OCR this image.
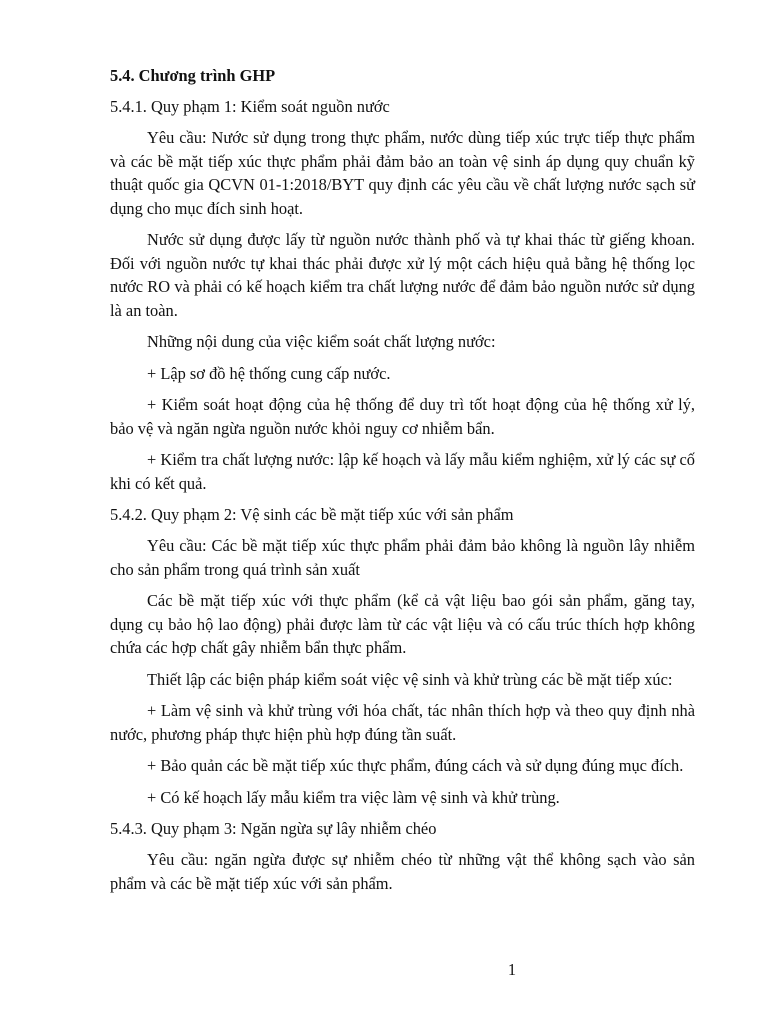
5.4. Chương trình GHP

5.4.1. Quy phạm 1: Kiểm soát nguồn nước

Yêu cầu: Nước sử dụng trong thực phẩm, nước dùng tiếp xúc trực tiếp thực phẩm và các bề mặt tiếp xúc thực phẩm phải đảm bảo an toàn vệ sinh áp dụng quy chuẩn kỹ thuật quốc gia QCVN 01-1:2018/BYT quy định các yêu cầu về chất lượng nước sạch sử dụng cho mục đích sinh hoạt.

Nước sử dụng được lấy từ nguồn nước thành phố và tự khai thác từ giếng khoan. Đối với nguồn nước tự khai thác phải được xử lý một cách hiệu quả bằng hệ thống lọc nước RO và phải có kế hoạch kiểm tra chất lượng nước để đảm bảo nguồn nước sử dụng là an toàn.

Những nội dung của việc kiểm soát chất lượng nước:

+ Lập sơ đồ hệ thống cung cấp nước.

+ Kiểm soát hoạt động của hệ thống để duy trì tốt hoạt động của hệ thống xử lý, bảo vệ và ngăn ngừa nguồn nước khỏi nguy cơ nhiễm bẩn.

+ Kiểm tra chất lượng nước: lập kế hoạch và lấy mẫu kiểm nghiệm, xử lý các sự cố khi có kết quả.

5.4.2. Quy phạm 2: Vệ sinh các bề mặt tiếp xúc với sản phẩm

Yêu cầu: Các bề mặt tiếp xúc thực phẩm phải đảm bảo không là nguồn lây nhiễm cho sản phẩm trong quá trình sản xuất

Các bề mặt tiếp xúc với thực phẩm (kể cả vật liệu bao gói sản phẩm, găng tay, dụng cụ bảo hộ lao động) phải được làm từ các vật liệu và có cấu trúc thích hợp không chứa các hợp chất gây nhiễm bẩn thực phẩm.

Thiết lập các biện pháp kiểm soát việc vệ sinh và khử trùng các bề mặt tiếp xúc:

+ Làm vệ sinh và khử trùng với hóa chất, tác nhân thích hợp và theo quy định nhà nước, phương pháp thực hiện phù hợp đúng tần suất.

+ Bảo quản các bề mặt tiếp xúc thực phẩm, đúng cách và sử dụng đúng mục đích.

+ Có kế hoạch lấy mẫu kiểm tra việc làm vệ sinh và khử trùng.

5.4.3. Quy phạm 3: Ngăn ngừa sự lây nhiễm chéo

Yêu cầu: ngăn ngừa được sự nhiễm chéo từ những vật thể không sạch vào sản phẩm và các bề mặt tiếp xúc với sản phẩm.

1
